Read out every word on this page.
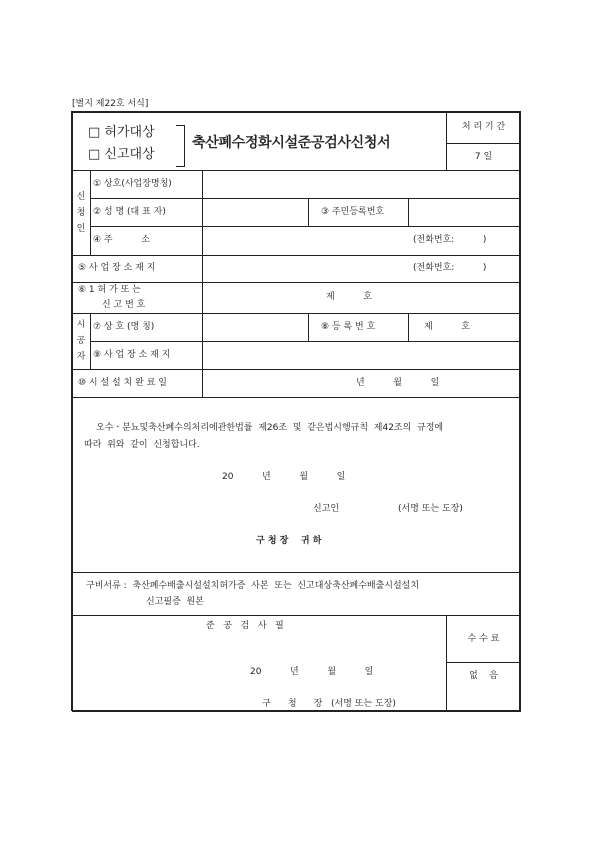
[별지 제22호 서식]
□ 허가대상
□ 신고대상
축산폐수정화시설준공검사신청서
처 리 기 간
7 일
신
청
인
① 상호(사업장명칭)
② 성 명 (대 표 자)	③ 주민등록번호
④ 주          소	(전화번호:          )
⑤ 사 업 장 소 재 지	(전화번호:          )
⑥ 1 허 가 또 는
신 고 번 호
제          호
시
공
자
⑦ 상 호 (명 칭)	⑧ 등 록 번 호	제          호
⑨ 사 업 장 소 재 지
⑩ 시 설 설 치 완 료 일	년          월          일
오수ㆍ분뇨및축산폐수의처리에관한법률  제26조  및  같은법시행규칙  제42조의  규정에
따라  위와  같이  신청합니다.
20          년          월          일
신고인	(서명 또는 도장)
구 청 장    귀 하
구비서류 :  축산폐수배출시설설치허가증  사본  또는  신고대상축산폐수배출시설설치
신고필증  원본
준   공   검   사   필
20          년          월          일
구      청      장   (서명 또는 도장)
수 수 료
없    음
